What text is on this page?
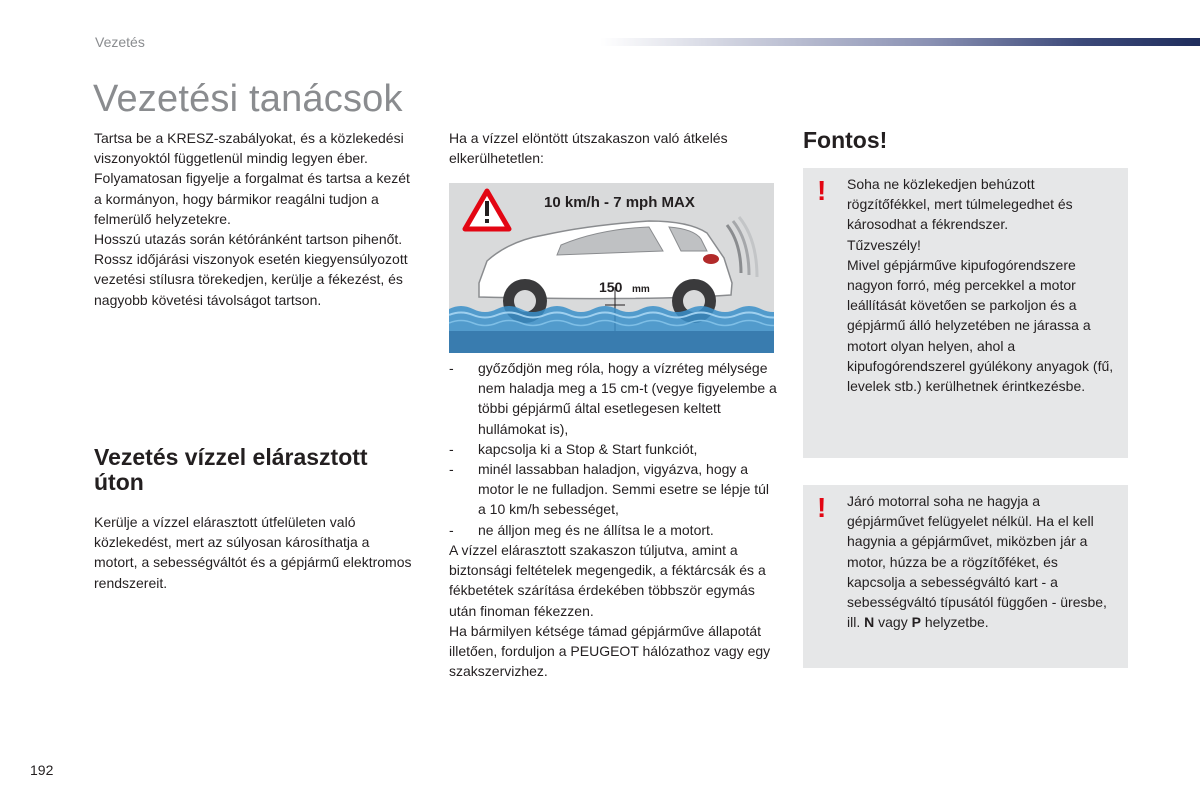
Vezetés
Vezetési tanácsok

Tartsa be a KRESZ-szabályokat, és a közlekedési viszonyoktól függetlenül mindig legyen éber.

Folyamatosan figyelje a forgalmat és tartsa a kezét a kormányon, hogy bármikor reagálni tudjon a felmerülő helyzetekre.

Hosszú utazás során kétóránként tartson pihenőt.

Rossz időjárási viszonyok esetén kiegyensúlyozott vezetési stílusra törekedjen, kerülje a fékezést, és nagyobb követési távolságot tartson.

Vezetés vízzel elárasztott úton

Kerülje a vízzel elárasztott útfelületen való közlekedést, mert az súlyosan károsíthatja a motort, a sebességváltót és a gépjármű elektromos rendszereit.

Ha a vízzel elöntött útszakaszon való átkelés elkerülhetetlen:

10 km/h - 7 mph MAX
150 mm
- győződjön meg róla, hogy a vízréteg mélysége nem haladja meg a 15 cm-t (vegye figyelembe a többi gépjármű által esetlegesen keltett hullámokat is),
- kapcsolja ki a Stop & Start funkciót,
- minél lassabban haladjon, vigyázva, hogy a motor le ne fulladjon. Semmi esetre se lépje túl a 10 km/h sebességet,
- ne álljon meg és ne állítsa le a motort.

A vízzel elárasztott szakaszon túljutva, amint a biztonsági feltételek megengedik, a féktárcsák és a fékbetétek szárítása érdekében többször egymás után finoman fékezzen.

Ha bármilyen kétsége támad gépjárműve állapotát illetően, forduljon a PEUGEOT hálózathoz vagy egy szakszervizhez.

Fontos!
! Soha ne közlekedjen behúzott rögzítőfékkel, mert túlmelegedhet és károsodhat a fékrendszer.

Tűzveszély!

Mivel gépjárműve kipufogórendszere nagyon forró, még percekkel a motor leállítását követően se parkoljon és a gépjármű álló helyzetében ne járassa a motort olyan helyen, ahol a kipufogórendszerel gyúlékony anyagok (fű, levelek stb.) kerülhetnek érintkezésbe.

! Járó motorral soha ne hagyja a gépjárművet felügyelet nélkül. Ha el kell hagynia a gépjárművet, miközben jár a motor, húzza be a rögzítőféket, és kapcsolja a sebességváltó kart - a sebességváltó típusától függően - üresbe, ill. N vagy P helyzetbe.

192
